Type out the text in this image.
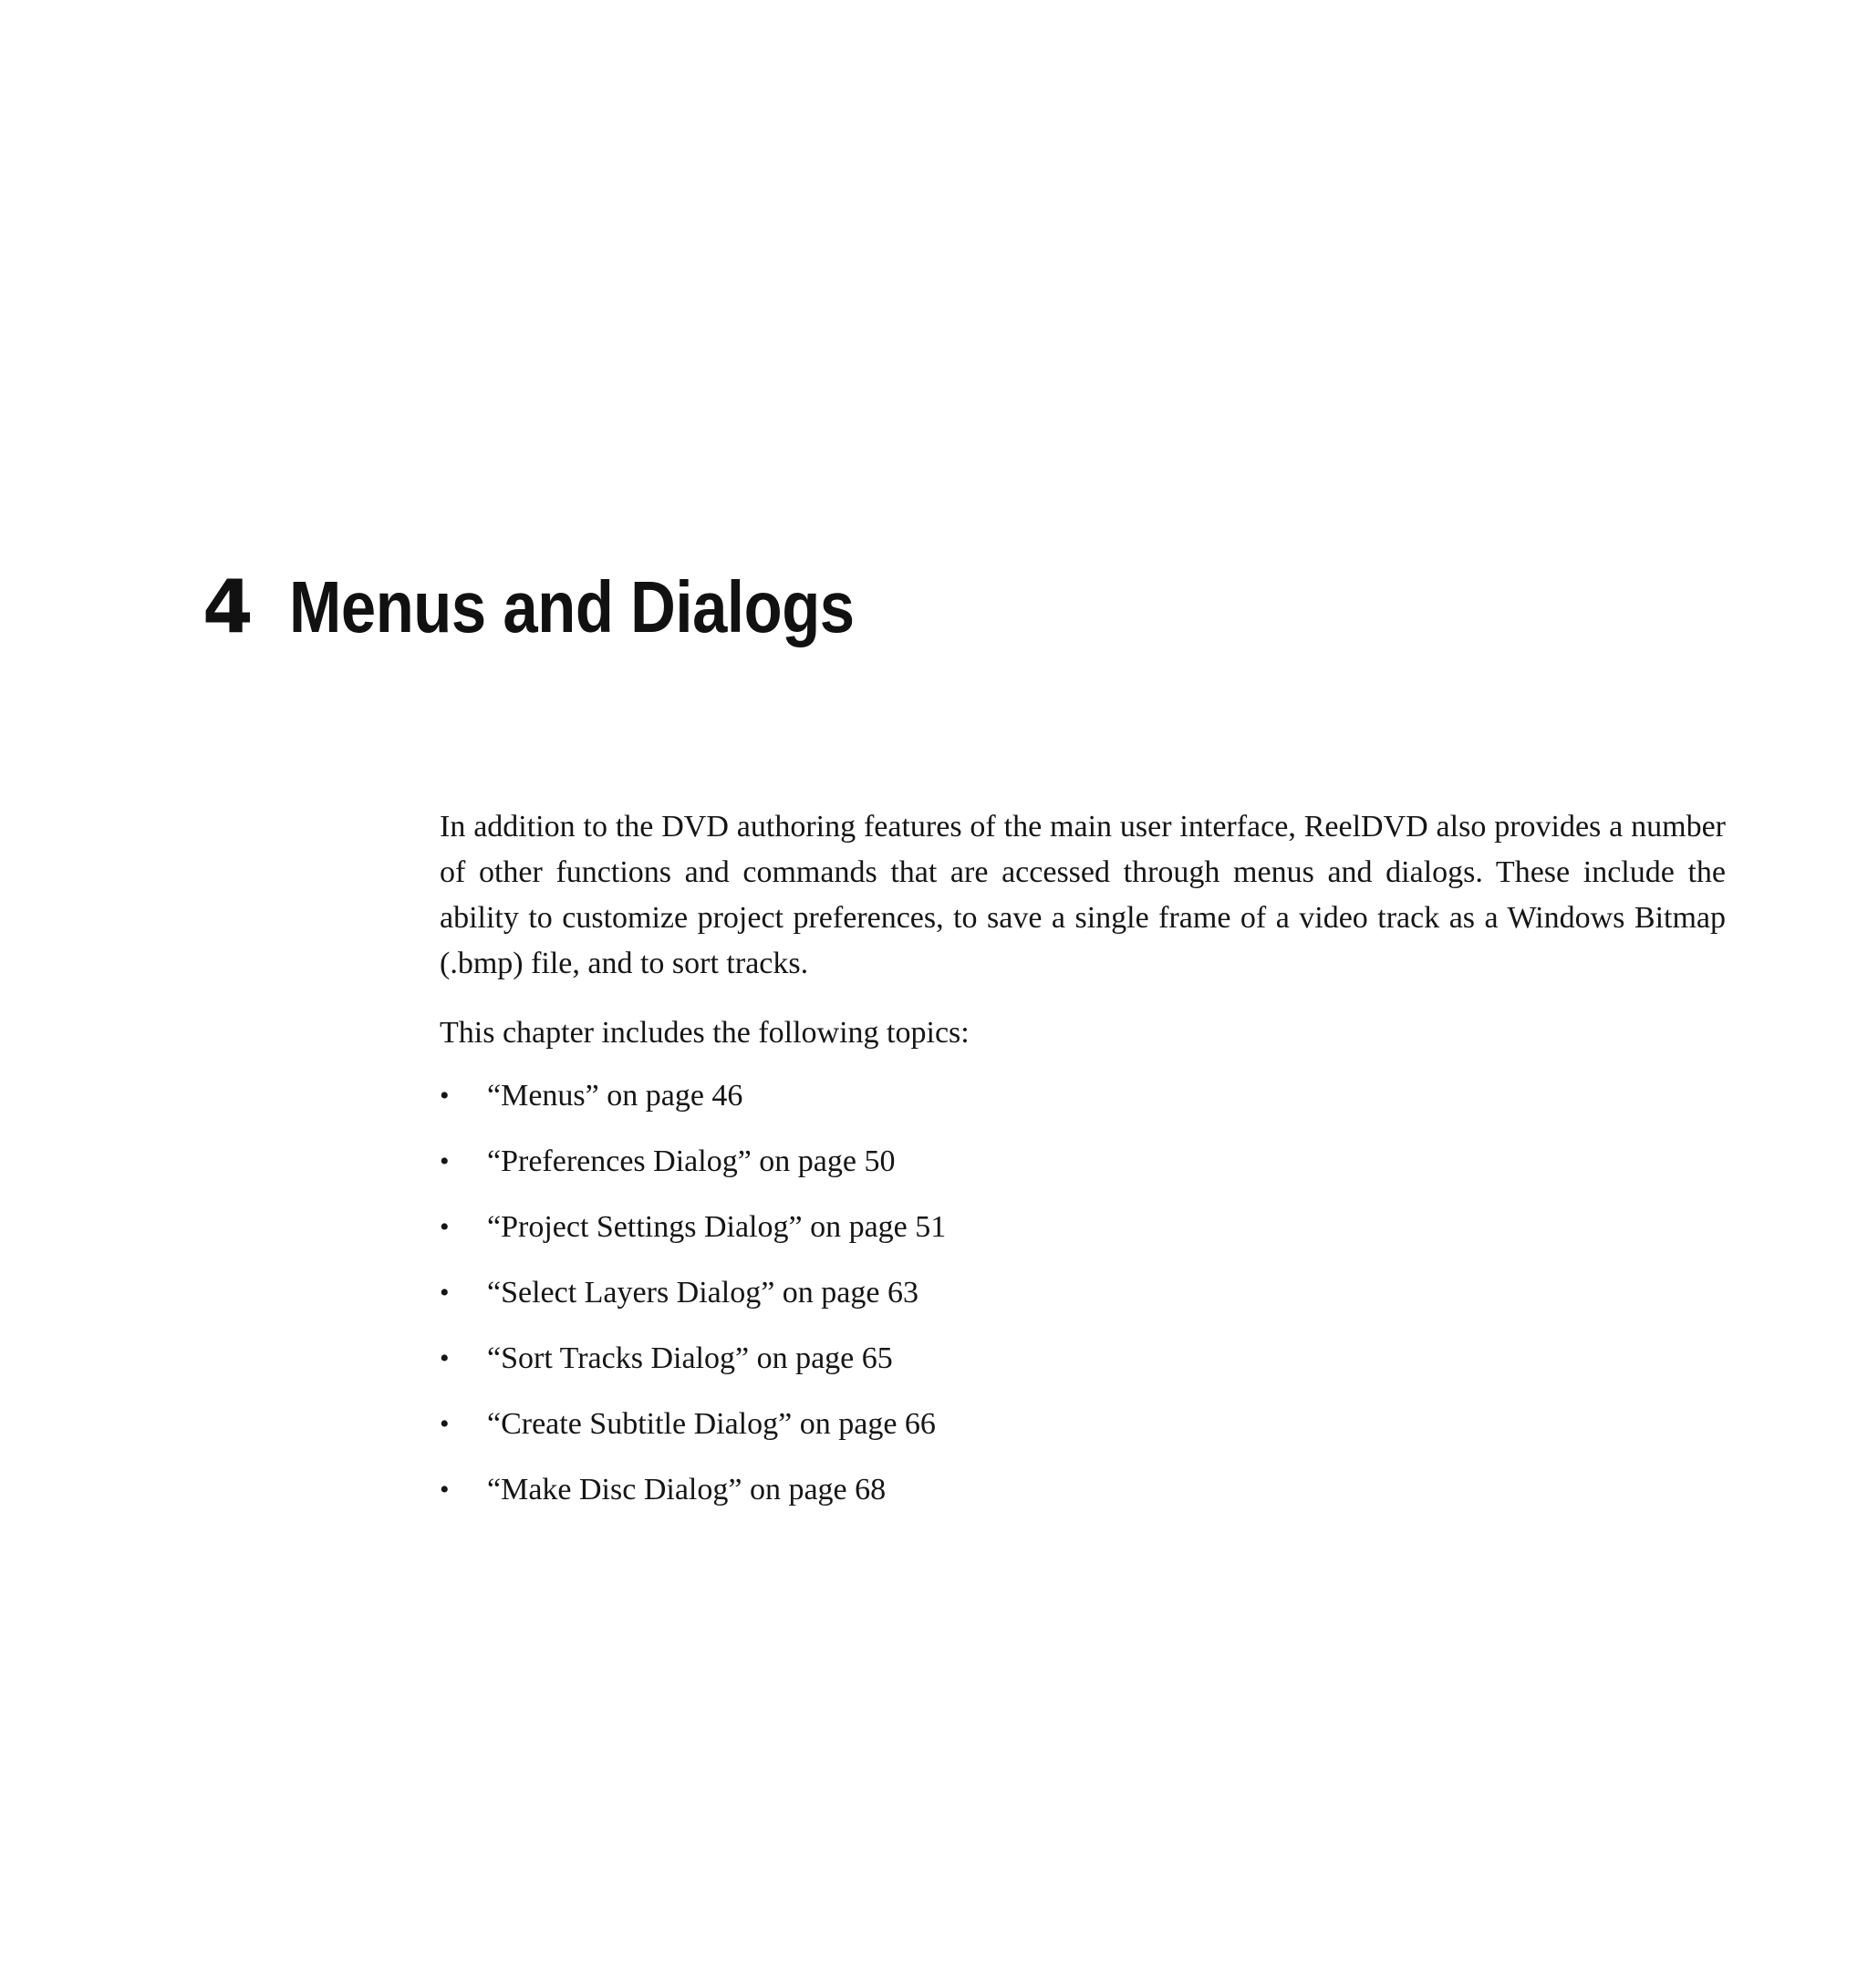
4 Menus and Dialogs

In addition to the DVD authoring features of the main user interface, ReelDVD also provides a number of other functions and commands that are accessed through menus and dialogs. These include the ability to customize project preferences, to save a single frame of a video track as a Windows Bitmap (.bmp) file, and to sort tracks.

This chapter includes the following topics:

• “Menus” on page 46
• “Preferences Dialog” on page 50
• “Project Settings Dialog” on page 51
• “Select Layers Dialog” on page 63
• “Sort Tracks Dialog” on page 65
• “Create Subtitle Dialog” on page 66
• “Make Disc Dialog” on page 68
